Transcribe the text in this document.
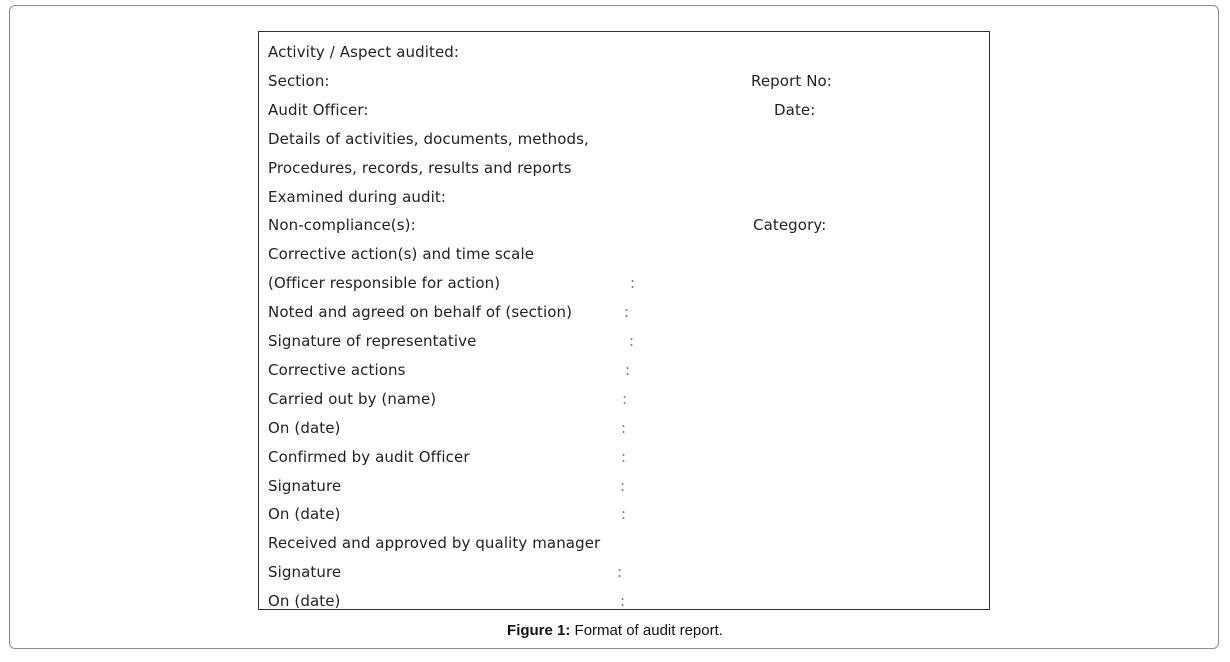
Activity / Aspect audited:
Section:	Report No:
Audit Officer:	Date:
Details of activities, documents, methods,
Procedures, records, results and reports
Examined during audit:
Non-compliance(s):	Category:
Corrective action(s) and time scale
(Officer responsible for action)	:
Noted and agreed on behalf of (section)	:
Signature of representative	:
Corrective actions	:
Carried out by (name)	:
On (date)	:
Confirmed by audit Officer	:
Signature	:
On (date)	:
Received and approved by quality manager
Signature	:
On (date)	:
Figure 1: Format of audit report.
